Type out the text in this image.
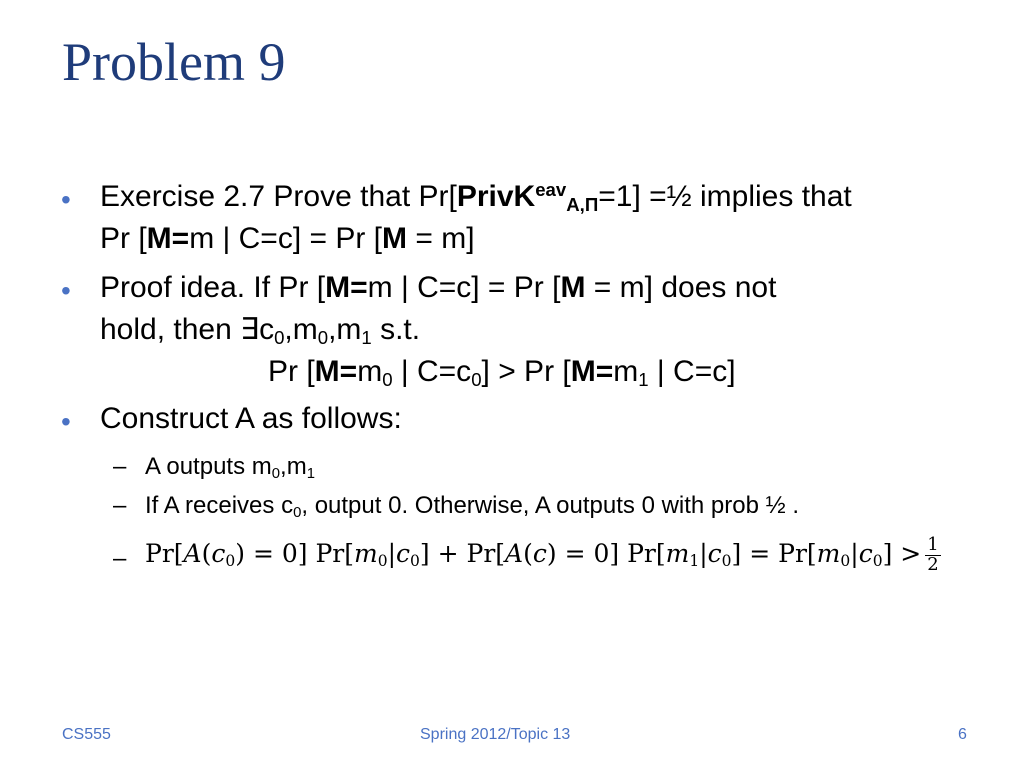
Problem 9
• Exercise 2.7 Prove that Pr[PrivK$^{eav}_{A,\Pi}$=1] =½ implies that
Pr [M=m | C=c] = Pr [M = m]
• Proof idea. If Pr [M=m | C=c] = Pr [M = m] does not
hold, then $\exists c_0,m_0,m_1$ s.t.
Pr [$M=m_0$ | $C=c_0] > Pr$ [$M=m_1$ | C=c]
• Construct A as follows:
– A outputs $m_0,m_1$
– If A receives $c_0$, output 0. Otherwise, A outputs 0 with prob ½ .
– $Pr[A(c_0) = 0] Pr[m_0|c_0] + Pr[A(c) = 0] Pr[m_1|c_0] = Pr[m_0|c_0] > \frac{1}{2}$
CS555	Spring 2012/Topic 13	6
